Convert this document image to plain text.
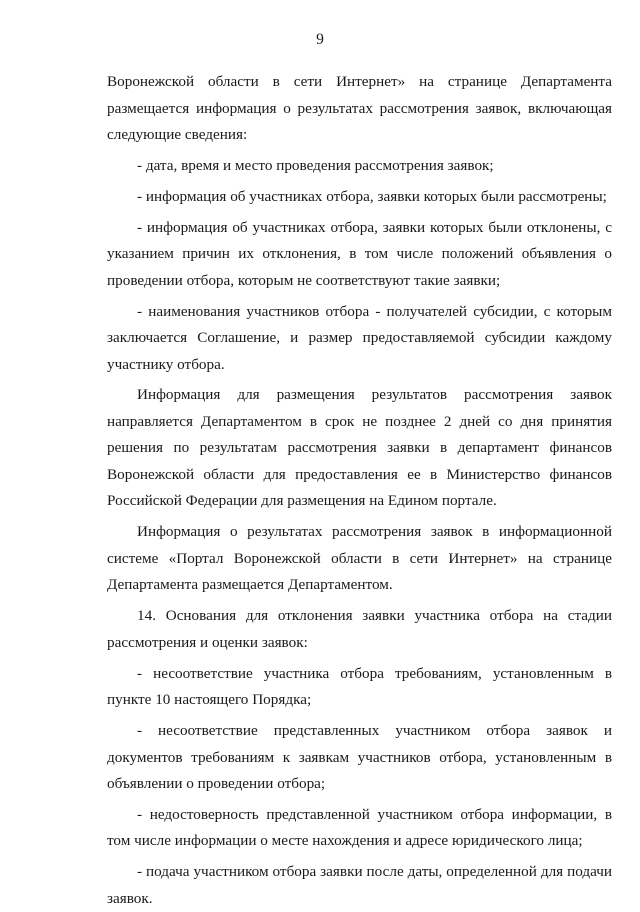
9

Воронежской области в сети Интернет» на странице Департамента размещается информация о результатах рассмотрения заявок, включающая следующие сведения:

- дата, время и место проведения рассмотрения заявок;

- информация об участниках отбора, заявки которых были рассмотрены;

- информация об участниках отбора, заявки которых были отклонены, с указанием причин их отклонения, в том числе положений объявления о проведении отбора, которым не соответствуют такие заявки;

- наименования участников отбора - получателей субсидии, с которым заключается Соглашение, и размер предоставляемой субсидии каждому участнику отбора.

Информация для размещения результатов рассмотрения заявок направляется Департаментом в срок не позднее 2 дней со дня принятия решения по результатам рассмотрения заявки в департамент финансов Воронежской области для предоставления ее в Министерство финансов Российской Федерации для размещения на Едином портале.

Информация о результатах рассмотрения заявок в информационной системе «Портал Воронежской области в сети Интернет» на странице Департамента размещается Департаментом.

14. Основания для отклонения заявки участника отбора на стадии рассмотрения и оценки заявок:

- несоответствие участника отбора требованиям, установленным в пункте 10 настоящего Порядка;

- несоответствие представленных участником отбора заявок и документов требованиям к заявкам участников отбора, установленным в объявлении о проведении отбора;

- недостоверность представленной участником отбора информации, в том числе информации о месте нахождения и адресе юридического лица;

- подача участником отбора заявки после даты, определенной для подачи заявок.
